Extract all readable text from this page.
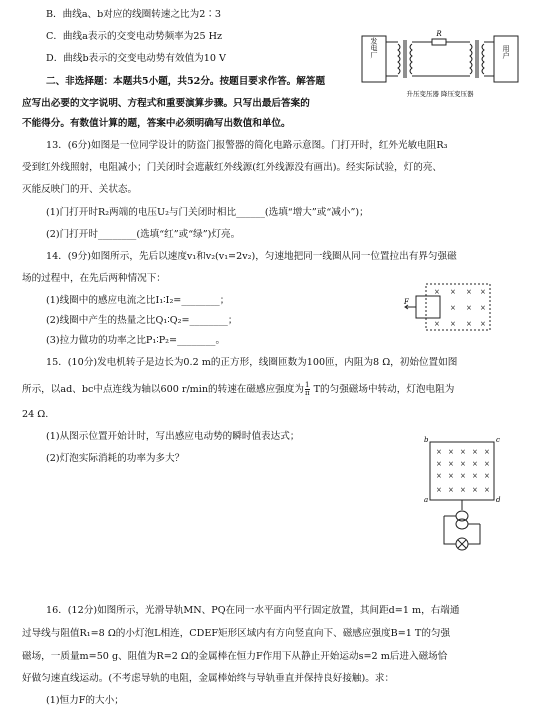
B．曲线a、b对应的线圈转速之比为2∶3
C．曲线a表示的交变电动势频率为25 Hz
D．曲线b表示的交变电动势有效值为10 V
二、非选择题：本题共5小题，共52分。按题目要求作答。解答题
应写出必要的文字说明、方程式和重要演算步骤。只写出最后答案的
不能得分。有数值计算的题，答案中必须明确写出数值和单位。
发电厂
R
用户
升压变压器 降压变压器
13．(6分)如图是一位同学设计的防盗门报警器的简化电路示意图。门打开时，红外光敏电阻R₃
受到红外线照射，电阻减小；门关闭时会遮蔽红外线源(红外线源没有画出)。经实际试验，灯的亮、
灭能反映门的开、关状态。
(1)门打开时R₂两端的电压U₂与门关闭时相比______(选填“增大”或“减小”)；
(2)门打开时________(选填“红”或“绿”)灯亮。
14．(9分)如图所示，先后以速度v₁和v₂(v₁=2v₂)，匀速地把同一线圈从同一位置拉出有界匀强磁
场的过程中，在先后两种情况下：
(1)线圈中的感应电流之比I₁∶I₂=________；
(2)线圈中产生的热量之比Q₁∶Q₂=________；
(3)拉力做功的功率之比P₁∶P₂=________。
F
× × × ×
× × ×
× × × ×
15．(10分)发电机转子是边长为0.2 m的正方形，线圈匝数为100匝，内阻为8 Ω，初始位置如图
所示，以ad、bc中点连线为轴以600 r/min的转速在磁感应强度为 $\frac{1}{\pi}$ T的匀强磁场中转动，灯泡电阻为
24 Ω.
(1)从图示位置开始计时，写出感应电动势的瞬时值表达式；
(2)灯泡实际消耗的功率为多大？
b	c
a	d
× × × × ×
× × × × ×
× × × × ×
× × × × ×
16．(12分)如图所示，光滑导轨MN、PQ在同一水平面内平行固定放置，其间距d=1 m，右端通
过导线与阻值R₁=8 Ω的小灯泡L相连，CDEF矩形区域内有方向竖直向下、磁感应强度B=1 T的匀强
磁场，一质量m=50 g、阻值为R=2 Ω的金属棒在恒力F作用下从静止开始运动s=2 m后进入磁场恰
好做匀速直线运动。(不考虑导轨的电阻，金属棒始终与导轨垂直并保持良好接触)。求：
(1)恒力F的大小；
